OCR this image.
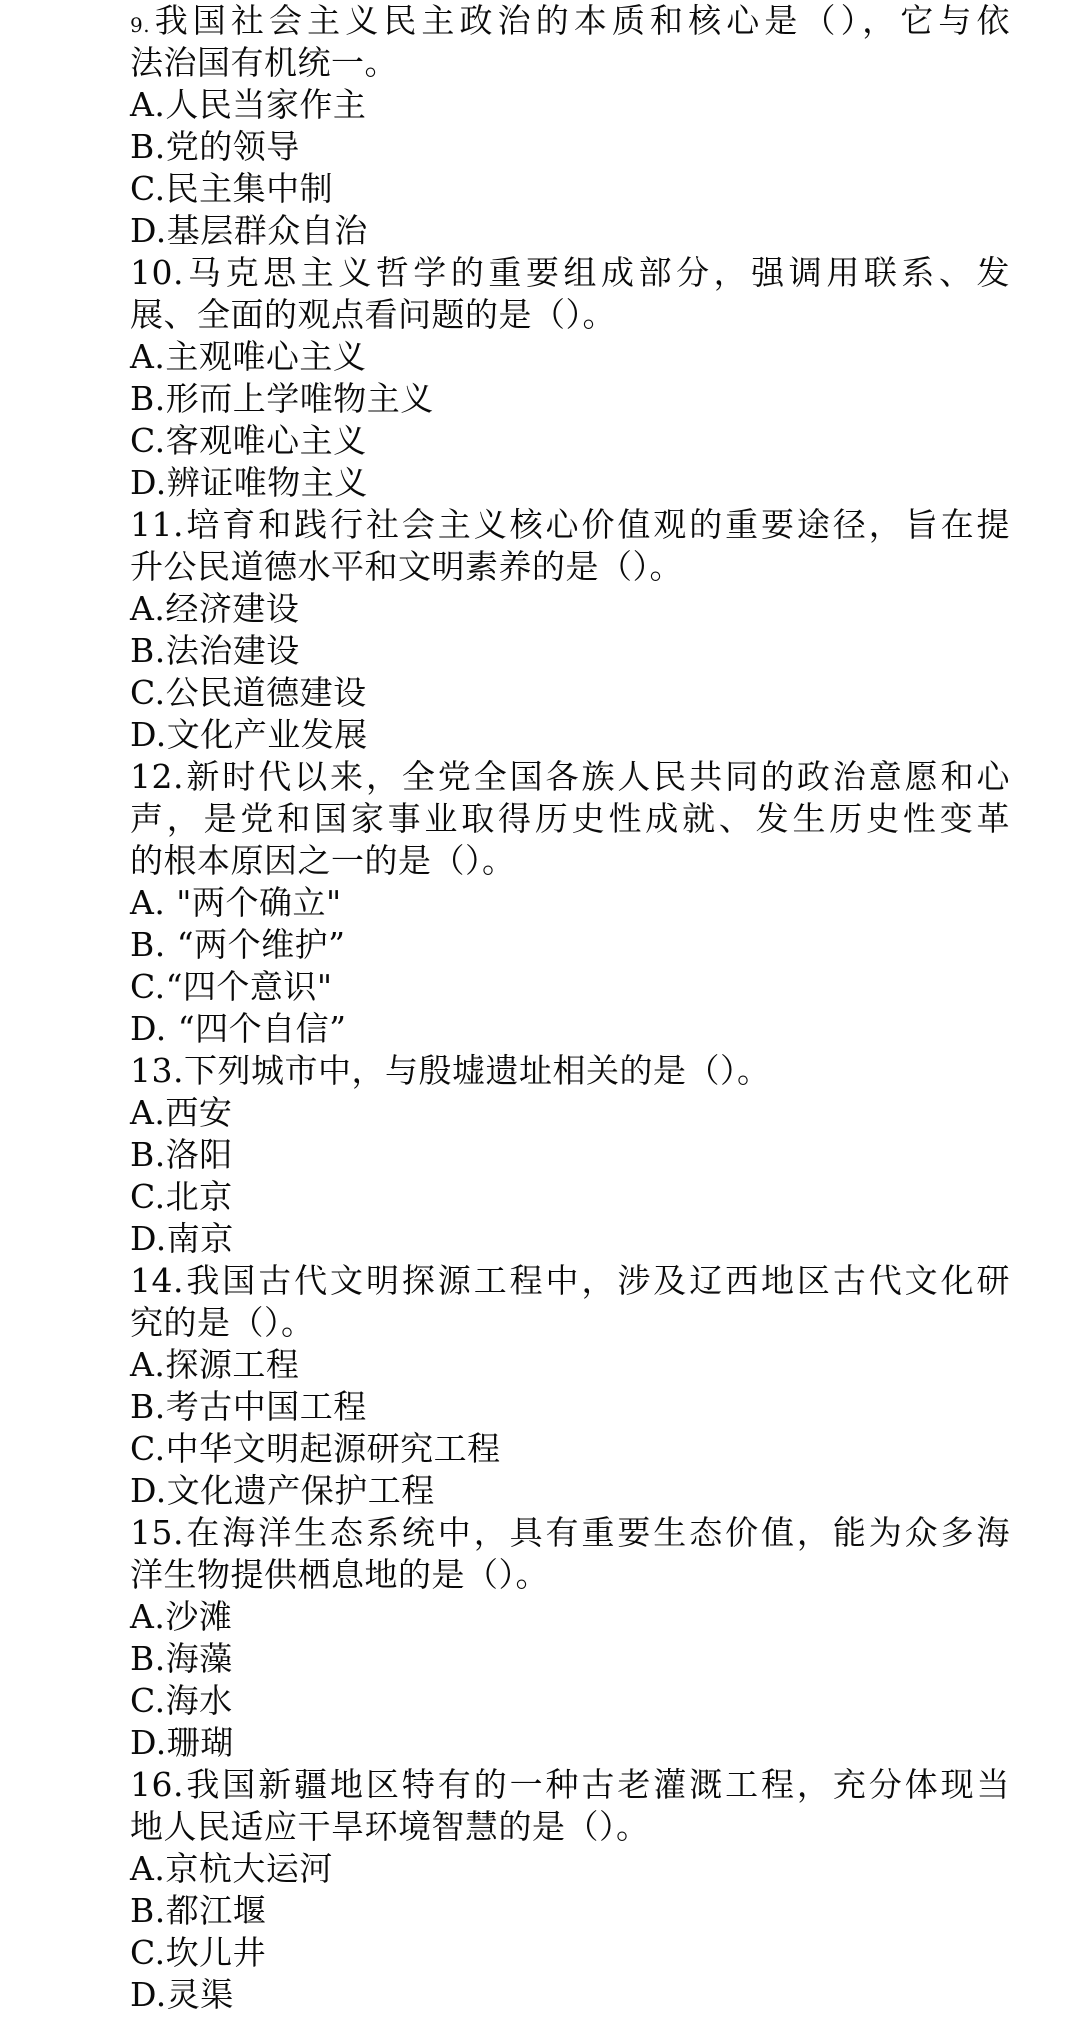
9.我国社会主义民主政治的本质和核心是（），它与依
法治国有机统一。
A.人民当家作主
B.党的领导
C.民主集中制
D.基层群众自治
10.马克思主义哲学的重要组成部分，强调用联系、发
展、全面的观点看问题的是（）。
A.主观唯心主义
B.形而上学唯物主义
C.客观唯心主义
D.辨证唯物主义
11.培育和践行社会主义核心价值观的重要途径，旨在提
升公民道德水平和文明素养的是（）。
A.经济建设
B.法治建设
C.公民道德建设
D.文化产业发展
12.新时代以来，全党全国各族人民共同的政治意愿和心
声，是党和国家事业取得历史性成就、发生历史性变革
的根本原因之一的是（）。
A. "两个确立"
B. “两个维护”
C.“四个意识"
D. “四个自信”
13.下列城市中，与殷墟遗址相关的是（）。
A.西安
B.洛阳
C.北京
D.南京
14.我国古代文明探源工程中，涉及辽西地区古代文化研
究的是（）。
A.探源工程
B.考古中国工程
C.中华文明起源研究工程
D.文化遗产保护工程
15.在海洋生态系统中，具有重要生态价值，能为众多海
洋生物提供栖息地的是（）。
A.沙滩
B.海藻
C.海水
D.珊瑚
16.我国新疆地区特有的一种古老灌溉工程，充分体现当
地人民适应干旱环境智慧的是（）。
A.京杭大运河
B.都江堰
C.坎儿井
D.灵渠
